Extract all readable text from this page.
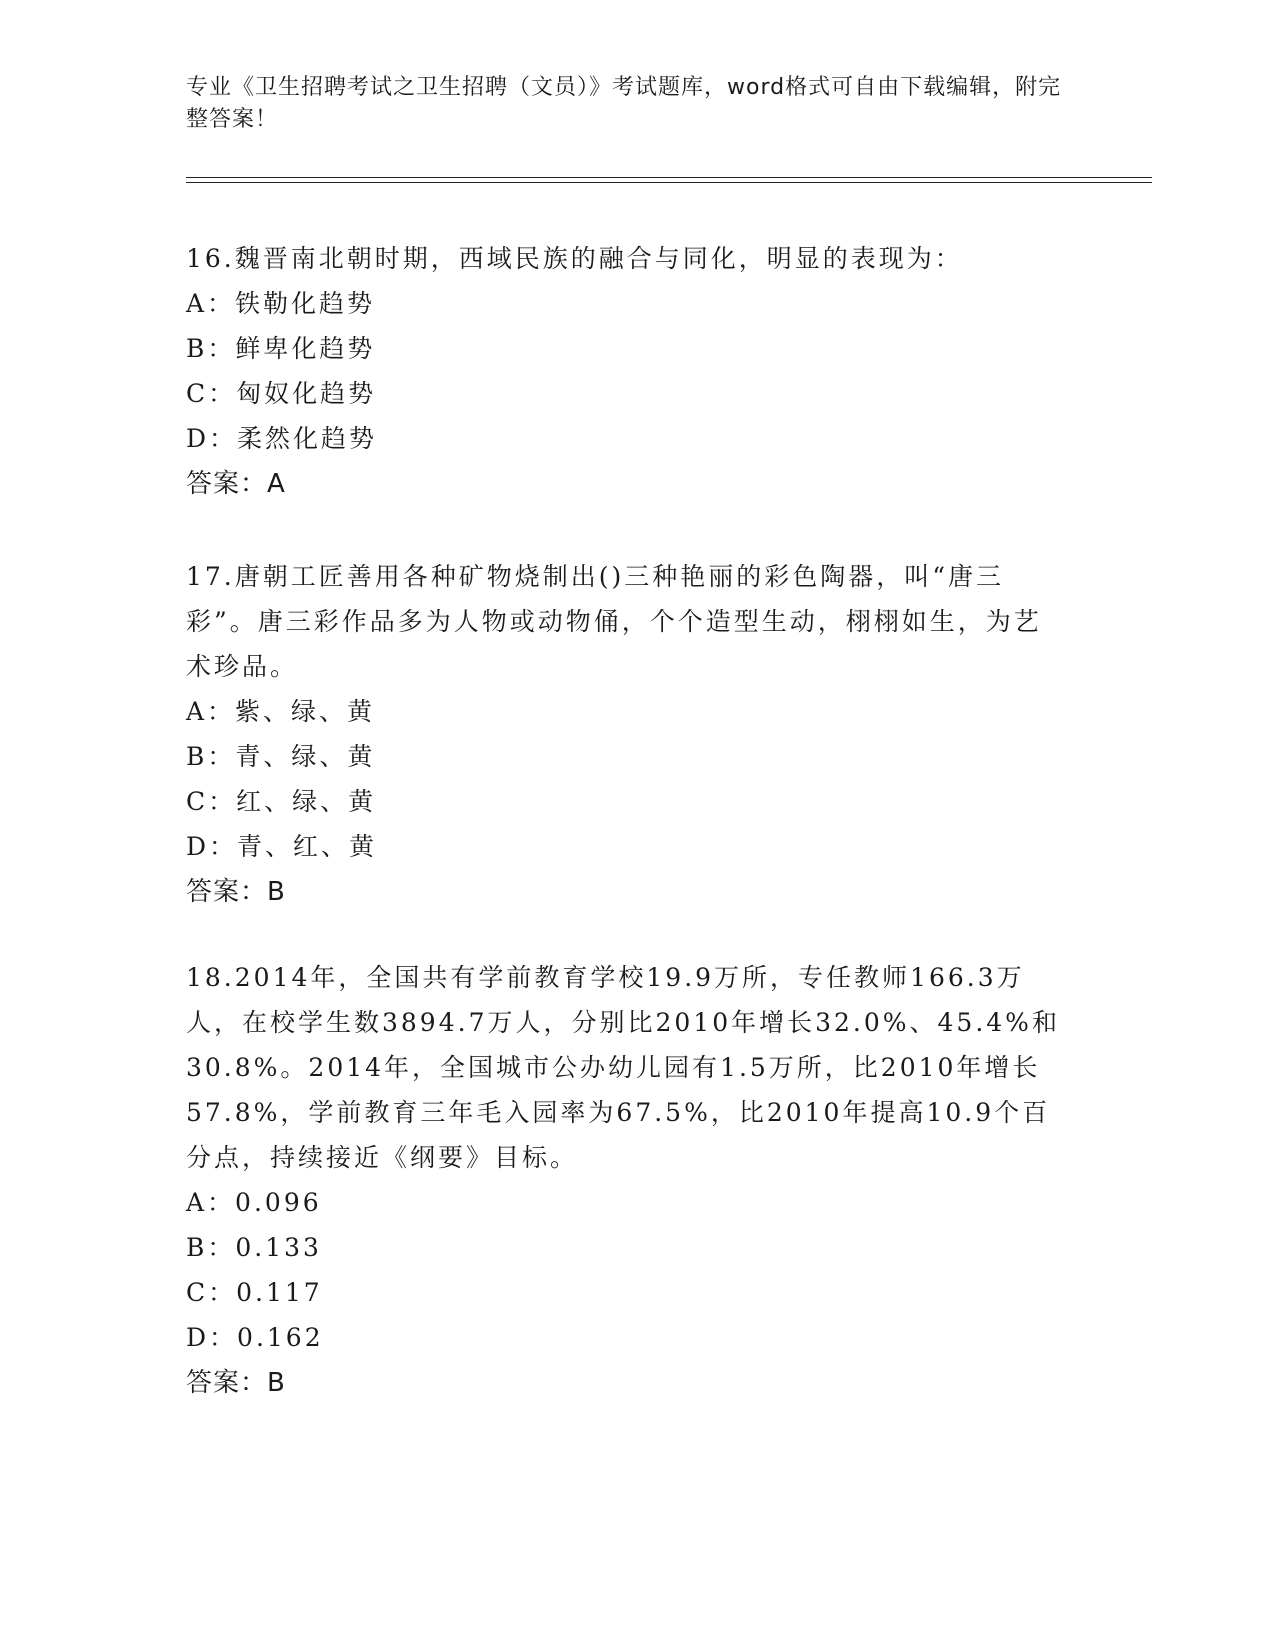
专业《卫生招聘考试之卫生招聘（文员）》考试题库，word格式可自由下载编辑，附完整答案！

16.魏晋南北朝时期，西域民族的融合与同化，明显的表现为：

A：铁勒化趋势

B：鲜卑化趋势

C：匈奴化趋势

D：柔然化趋势

答案：A

17.唐朝工匠善用各种矿物烧制出()三种艳丽的彩色陶器，叫“唐三彩”。唐三彩作品多为人物或动物俑，个个造型生动，栩栩如生，为艺术珍品。

A：紫、绿、黄

B：青、绿、黄

C：红、绿、黄

D：青、红、黄

答案：B

18.2014年，全国共有学前教育学校19.9万所，专任教师166.3万人，在校学生数3894.7万人，分别比2010年增长32.0%、45.4%和30.8%。2014年，全国城市公办幼儿园有1.5万所，比2010年增长57.8%，学前教育三年毛入园率为67.5%，比2010年提高10.9个百分点，持续接近《纲要》目标。

A：0.096

B：0.133

C：0.117

D：0.162

答案：B
